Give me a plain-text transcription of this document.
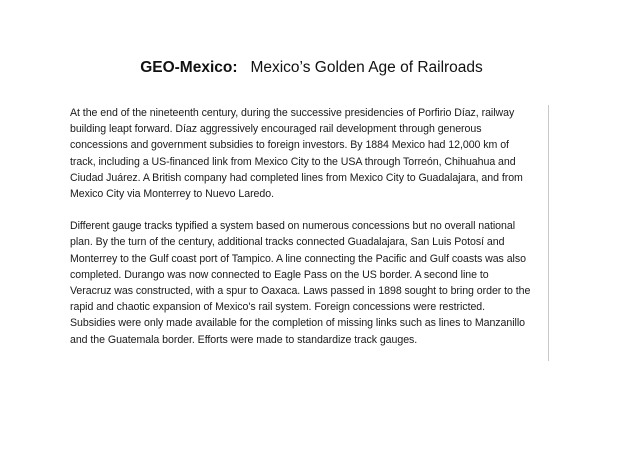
GEO-Mexico: Mexico’s Golden Age of Railroads

At the end of the nineteenth century, during the successive presidencies of Porfirio Díaz, railway
building leapt forward. Díaz aggressively encouraged rail development through generous
concessions and government subsidies to foreign investors. By 1884 Mexico had 12,000 km of
track, including a US-financed link from Mexico City to the USA through Torreón, Chihuahua and
Ciudad Juárez. A British company had completed lines from Mexico City to Guadalajara, and from
Mexico City via Monterrey to Nuevo Laredo.

Different gauge tracks typified a system based on numerous concessions but no overall national
plan. By the turn of the century, additional tracks connected Guadalajara, San Luis Potosí and
Monterrey to the Gulf coast port of Tampico. A line connecting the Pacific and Gulf coasts was also
completed. Durango was now connected to Eagle Pass on the US border. A second line to
Veracruz was constructed, with a spur to Oaxaca. Laws passed in 1898 sought to bring order to the
rapid and chaotic expansion of Mexico's rail system. Foreign concessions were restricted.
Subsidies were only made available for the completion of missing links such as lines to Manzanillo
and the Guatemala border. Efforts were made to standardize track gauges.
